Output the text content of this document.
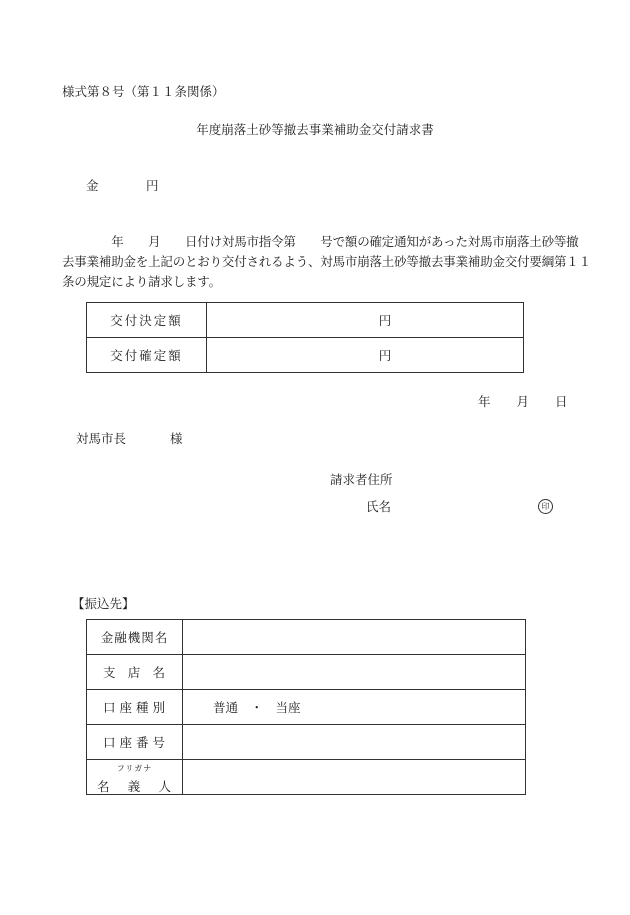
様式第８号（第１１条関係）
年度崩落土砂等撤去事業補助金交付請求書
金	円
　　　　年　　月　　日付け対馬市指令第　　号で額の確定通知があった対馬市崩落土砂等撤
去事業補助金を上記のとおり交付されるよう、対馬市崩落土砂等撤去事業補助金交付要綱第１１
条の規定により請求します。
交付決定額	円
交付確定額	円
年 月 日
対馬市長	様
請求者住所
氏名	印
【振込先】
金融機関名	

支 店 名	

口 座 種 別	普通　・　当座

口 座 番 号	

フリガナ
名 義 人	
